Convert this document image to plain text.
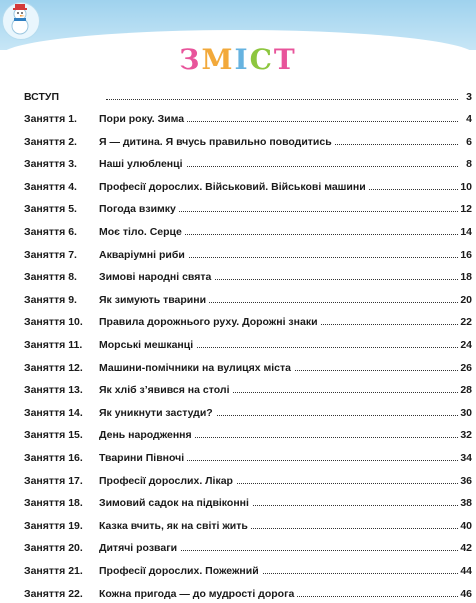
ЗМІСТ
ВСТУП	3
Заняття 1. Пори року. Зима	4
Заняття 2. Я — дитина. Я вчусь правильно поводитись	6
Заняття 3. Наші улюбленці	8
Заняття 4. Професії дорослих. Військовий. Військові машини	10
Заняття 5. Погода взимку	12
Заняття 6. Моє тіло. Серце	14
Заняття 7. Акваріумні риби	16
Заняття 8. Зимові народні свята	18
Заняття 9. Як зимують тварини	20
Заняття 10. Правила дорожнього руху. Дорожні знаки	22
Заняття 11. Морські мешканці	24
Заняття 12. Машини-помічники на вулицях міста	26
Заняття 13. Як хліб з’явився на столі	28
Заняття 14. Як уникнути застуди?	30
Заняття 15. День народження	32
Заняття 16. Тварини Півночі	34
Заняття 17. Професії дорослих. Лікар	36
Заняття 18. Зимовий садок на підвіконні	38
Заняття 19. Казка вчить, як на світі жить	40
Заняття 20. Дитячі розваги	42
Заняття 21. Професії дорослих. Пожежний	44
Заняття 22. Кожна пригода — до мудрості дорога	46
